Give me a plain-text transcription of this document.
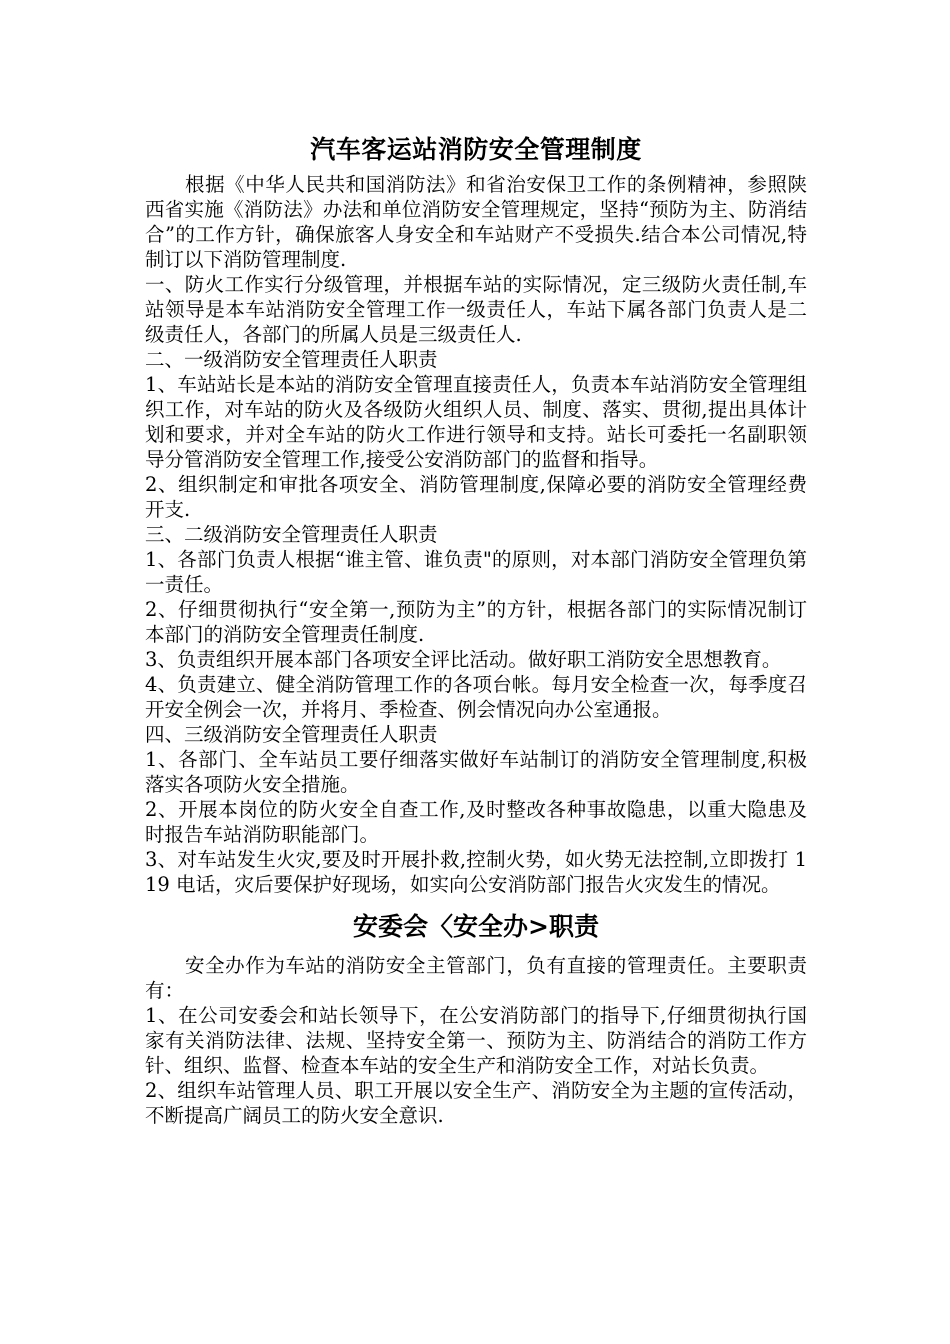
汽车客运站消防安全管理制度

根据《中华人民共和国消防法》和省治安保卫工作的条例精神，参照陕西省实施《消防法》办法和单位消防安全管理规定，坚持“预防为主、防消结合”的工作方针，确保旅客人身安全和车站财产不受损失.结合本公司情况,特制订以下消防管理制度.

一、防火工作实行分级管理，并根据车站的实际情况，定三级防火责任制,车站领导是本车站消防安全管理工作一级责任人，车站下属各部门负责人是二级责任人，各部门的所属人员是三级责任人.

二、一级消防安全管理责任人职责

1、车站站长是本站的消防安全管理直接责任人，负责本车站消防安全管理组织工作，对车站的防火及各级防火组织人员、制度、落实、贯彻,提出具体计划和要求，并对全车站的防火工作进行领导和支持。站长可委托一名副职领导分管消防安全管理工作,接受公安消防部门的监督和指导。

2、组织制定和审批各项安全、消防管理制度,保障必要的消防安全管理经费开支.

三、二级消防安全管理责任人职责

1、各部门负责人根据“谁主管、谁负责"的原则，对本部门消防安全管理负第一责任。

2、仔细贯彻执行“安全第一,预防为主”的方针，根据各部门的实际情况制订本部门的消防安全管理责任制度.

3、负责组织开展本部门各项安全评比活动。做好职工消防安全思想教育。

4、负责建立、健全消防管理工作的各项台帐。每月安全检查一次，每季度召开安全例会一次，并将月、季检查、例会情况向办公室通报。

四、三级消防安全管理责任人职责

1、各部门、全车站员工要仔细落实做好车站制订的消防安全管理制度,积极落实各项防火安全措施。

2、开展本岗位的防火安全自查工作,及时整改各种事故隐患，以重大隐患及时报告车站消防职能部门。

3、对车站发生火灾,要及时开展扑救,控制火势，如火势无法控制,立即拨打 119 电话，灾后要保护好现场，如实向公安消防部门报告火灾发生的情况。

安委会〈安全办>职责

安全办作为车站的消防安全主管部门，负有直接的管理责任。主要职责有：

1、在公司安委会和站长领导下，在公安消防部门的指导下,仔细贯彻执行国家有关消防法律、法规、坚持安全第一、预防为主、防消结合的消防工作方针、组织、监督、检查本车站的安全生产和消防安全工作，对站长负责。

2、组织车站管理人员、职工开展以安全生产、消防安全为主题的宣传活动，不断提高广阔员工的防火安全意识.
